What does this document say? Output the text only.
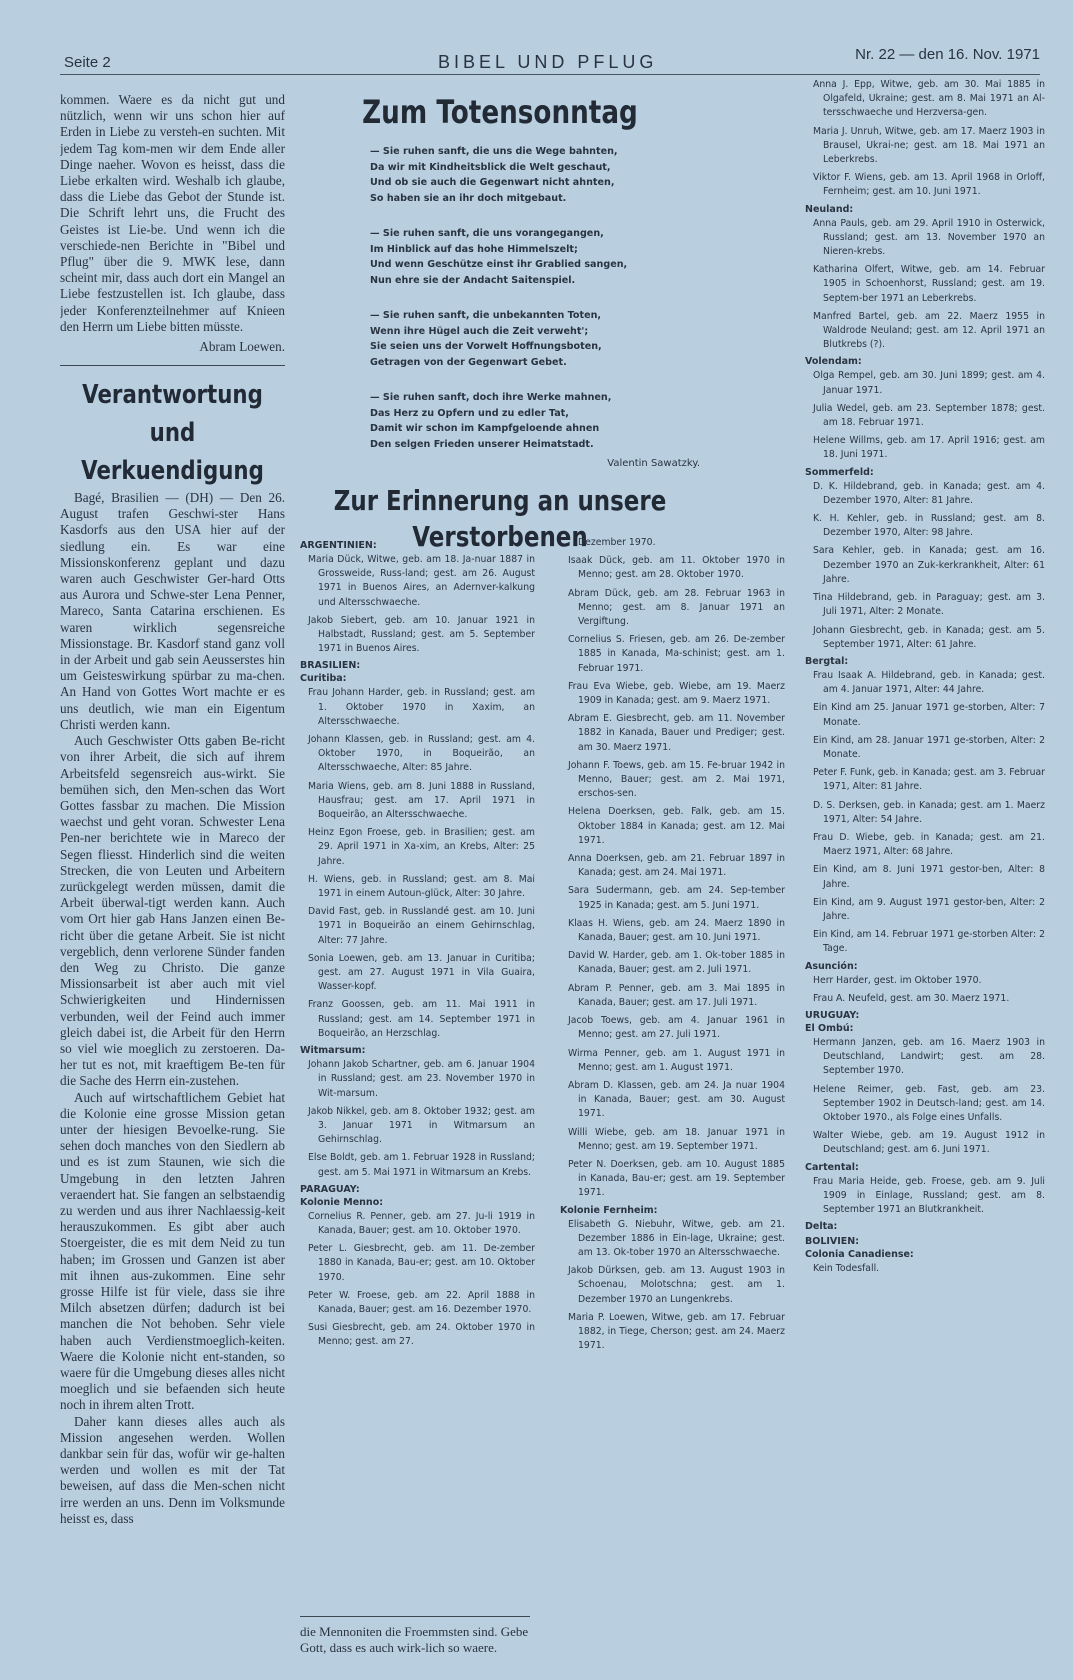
Seite 2	BIBEL UND PFLUG	Nr. 22 — den 16. Nov. 1971

kommen. Waere es da nicht gut und nützlich, wenn wir uns schon hier auf Erden in Liebe zu versteh-en suchten. Mit jedem Tag kom-men wir dem Ende aller Dinge naeher. Wovon es heisst, dass die Liebe erkalten wird. Weshalb ich glaube, dass die Liebe das Gebot der Stunde ist. Die Schrift lehrt uns, die Frucht des Geistes ist Lie-be. Und wenn ich die verschiede-nen Berichte in "Bibel und Pflug" über die 9. MWK lese, dann scheint mir, dass auch dort ein Mangel an Liebe festzustellen ist. Ich glaube, dass jeder Konferenzteilnehmer auf Knieen den Herrn um Liebe bitten müsste.

Abram Loewen.

Verantwortung und
Verkuendigung

Bagé, Brasilien — (DH) — Den 26. August trafen Geschwi-ster Hans Kasdorfs aus den USA hier auf der siedlung ein. Es war eine Missionskonferenz geplant und dazu waren auch Geschwister Ger-hard Otts aus Aurora und Schwe-ster Lena Penner, Mareco, Santa Catarina erschienen. Es waren wirklich segensreiche Missionstage. Br. Kasdorf stand ganz voll in der Arbeit und gab sein Aeusserstes hin um Geisteswirkung spürbar zu ma-chen. An Hand von Gottes Wort machte er es uns deutlich, wie man ein Eigentum Christi werden kann.

Auch Geschwister Otts gaben Be-richt von ihrer Arbeit, die sich auf ihrem Arbeitsfeld segensreich aus-wirkt. Sie bemühen sich, den Men-schen das Wort Gottes fassbar zu machen. Die Mission waechst und geht voran. Schwester Lena Pen-ner berichtete wie in Mareco der Segen fliesst. Hinderlich sind die weiten Strecken, die von Leuten und Arbeitern zurückgelegt werden müssen, damit die Arbeit überwal-tigt werden kann. Auch vom Ort hier gab Hans Janzen einen Be-richt über die getane Arbeit. Sie ist nicht vergeblich, denn verlorene Sünder fanden den Weg zu Christo. Die ganze Missionsarbeit ist aber auch mit viel Schwierigkeiten und Hindernissen verbunden, weil der Feind auch immer gleich dabei ist, die Arbeit für den Herrn so viel wie moeglich zu zerstoeren. Da-her tut es not, mit kraeftigem Be-ten für die Sache des Herrn ein-zustehen.

Auch auf wirtschaftlichem Gebiet hat die Kolonie eine grosse Mission getan unter der hiesigen Bevoelke-rung. Sie sehen doch manches von den Siedlern ab und es ist zum Staunen, wie sich die Umgebung in den letzten Jahren veraendert hat. Sie fangen an selbstaendig zu werden und aus ihrer Nachlaessig-keit herauszukommen. Es gibt aber auch Stoergeister, die es mit dem Neid zu tun haben; im Grossen und Ganzen ist aber mit ihnen aus-zukommen. Eine sehr grosse Hilfe ist für viele, dass sie ihre Milch absetzen dürfen; dadurch ist bei manchen die Not behoben. Sehr viele haben auch Verdienstmoeglich-keiten. Waere die Kolonie nicht ent-standen, so waere für die Umgebung dieses alles nicht moeglich und sie befaenden sich heute noch in ihrem alten Trott.

Daher kann dieses alles auch als Mission angesehen werden. Wollen dankbar sein für das, wofür wir ge-halten werden und wollen es mit der Tat beweisen, auf dass die Men-schen nicht irre werden an uns. Denn im Volksmunde heisst es, dass

Zum Totensonntag
— Sie ruhen sanft, die uns die Wege bahnten,
Da wir mit Kindheitsblick die Welt geschaut,
Und ob sie auch die Gegenwart nicht ahnten,
So haben sie an ihr doch mitgebaut.
— Sie ruhen sanft, die uns vorangegangen,
Im Hinblick auf das hohe Himmelszelt;
Und wenn Geschütze einst ihr Grablied sangen,
Nun ehre sie der Andacht Saitenspiel.
— Sie ruhen sanft, die unbekannten Toten,
Wenn ihre Hügel auch die Zeit verweht';
Sie seien uns der Vorwelt Hoffnungsboten,
Getragen von der Gegenwart Gebet.
— Sie ruhen sanft, doch ihre Werke mahnen,
Das Herz zu Opfern und zu edler Tat,
Damit wir schon im Kampfgeloende ahnen
Den selgen Frieden unserer Heimatstadt.
Valentin Sawatzky.
Zur Erinnerung an unsere Verstorbenen
ARGENTINIEN:
Maria Dück, Witwe, geb. am 18. Ja-nuar 1887 in Grossweide, Russ-land; gest. am 26. August 1971 in Buenos Aires, an Adernver-kalkung und Altersschwaeche.
Jakob Siebert, geb. am 10. Januar 1921 in Halbstadt, Russland; gest. am 5. September 1971 in Buenos Aires.
BRASILIEN:
Curitiba:
Frau Johann Harder, geb. in Russland; gest. am 1. Oktober 1970 in Xaxim, an Altersschwaeche.
Johann Klassen, geb. in Russland; gest. am 4. Oktober 1970, in Boqueirão, an Altersschwaeche, Alter: 85 Jahre.
Maria Wiens, geb. am 8. Juni 1888 in Russland, Hausfrau; gest. am 17. April 1971 in Boqueirão, an Altersschwaeche.
Heinz Egon Froese, geb. in Brasilien; gest. am 29. April 1971 in Xa-xim, an Krebs, Alter: 25 Jahre.
H. Wiens, geb. in Russland; gest. am 8. Mai 1971 in einem Autoun-glück, Alter: 30 Jahre.
David Fast, geb. in Russlandé gest. am 10. Juni 1971 in Boqueirão an einem Gehirnschlag, Alter: 77 Jahre.
Sonia Loewen, geb. am 13. Januar in Curitiba; gest. am 27. August 1971 in Vila Guaira, Wasser-kopf.
Franz Goossen, geb. am 11. Mai 1911 in Russland; gest. am 14. September 1971 in Boqueirão, an Herzschlag.
Witmarsum:
Johann Jakob Schartner, geb. am 6. Januar 1904 in Russland; gest. am 23. November 1970 in Wit-marsum.
Jakob Nikkel, geb. am 8. Oktober 1932; gest. am 3. Januar 1971 in Witmarsum an Gehirnschlag.
Else Boldt, geb. am 1. Februar 1928 in Russland; gest. am 5. Mai 1971 in Witmarsum an Krebs.
PARAGUAY:
Kolonie Menno:
Cornelius R. Penner, geb. am 27. Ju-li 1919 in Kanada, Bauer; gest. am 10. Oktober 1970.
Peter L. Giesbrecht, geb. am 11. De-zember 1880 in Kanada, Bau-er; gest. am 10. Oktober 1970.
Peter W. Froese, geb. am 22. April 1888 in Kanada, Bauer; gest. am 16. Dezember 1970.
Susi Giesbrecht, geb. am 24. Oktober 1970 in Menno; gest. am 27.
Dezember 1970.
Isaak Dück, geb. am 11. Oktober 1970 in Menno; gest. am 28. Oktober 1970.
Abram Dück, geb. am 28. Februar 1963 in Menno; gest. am 8. Januar 1971 an Vergiftung.
Cornelius S. Friesen, geb. am 26. De-zember 1885 in Kanada, Ma-schinist; gest. am 1. Februar 1971.
Frau Eva Wiebe, geb. Wiebe, am 19. Maerz 1909 in Kanada; gest. am 9. Maerz 1971.
Abram E. Giesbrecht, geb. am 11. November 1882 in Kanada, Bauer und Prediger; gest. am 30. Maerz 1971.
Johann F. Toews, geb. am 15. Fe-bruar 1942 in Menno, Bauer; gest. am 2. Mai 1971, erschos-sen.
Helena Doerksen, geb. Falk, geb. am 15. Oktober 1884 in Kanada; gest. am 12. Mai 1971.
Anna Doerksen, geb. am 21. Februar 1897 in Kanada; gest. am 24. Mai 1971.
Sara Sudermann, geb. am 24. Sep-tember 1925 in Kanada; gest. am 5. Juni 1971.
Klaas H. Wiens, geb. am 24. Maerz 1890 in Kanada, Bauer; gest. am 10. Juni 1971.
David W. Harder, geb. am 1. Ok-tober 1885 in Kanada, Bauer; gest. am 2. Juli 1971.
Abram P. Penner, geb. am 3. Mai 1895 in Kanada, Bauer; gest. am 17. Juli 1971.
Jacob Toews, geb. am 4. Januar 1961 in Menno; gest. am 27. Juli 1971.
Wirma Penner, geb. am 1. August 1971 in Menno; gest. am 1. August 1971.
Abram D. Klassen, geb. am 24. Ja nuar 1904 in Kanada, Bauer; gest. am 30. August 1971.
Willi Wiebe, geb. am 18. Januar 1971 in Menno; gest. am 19. September 1971.
Peter N. Doerksen, geb. am 10. August 1885 in Kanada, Bau-er; gest. am 19. September 1971.
Kolonie Fernheim:
Elisabeth G. Niebuhr, Witwe, geb. am 21. Dezember 1886 in Ein-lage, Ukraine; gest. am 13. Ok-tober 1970 an Altersschwaeche.
Jakob Dürksen, geb. am 13. August 1903 in Schoenau, Molotschna; gest. am 1. Dezember 1970 an Lungenkrebs.
Maria P. Loewen, Witwe, geb. am 17. Februar 1882, in Tiege, Cherson; gest. am 24. Maerz 1971.
Anna J. Epp, Witwe, geb. am 30. Mai 1885 in Olgafeld, Ukraine; gest. am 8. Mai 1971 an Al-tersschwaeche und Herzversa-gen.
Maria J. Unruh, Witwe, geb. am 17. Maerz 1903 in Brausel, Ukrai-ne; gest. am 18. Mai 1971 an Leberkrebs.
Viktor F. Wiens, geb. am 13. April 1968 in Orloff, Fernheim; gest. am 10. Juni 1971.
Neuland:
Anna Pauls, geb. am 29. April 1910 in Osterwick, Russland; gest. am 13. November 1970 an Nieren-krebs.
Katharina Olfert, Witwe, geb. am 14. Februar 1905 in Schoenhorst, Russland; gest. am 19. Septem-ber 1971 an Leberkrebs.
Manfred Bartel, geb. am 22. Maerz 1955 in Waldrode Neuland; gest. am 12. April 1971 an Blutkrebs (?).
Volendam:
Olga Rempel, geb. am 30. Juni 1899; gest. am 4. Januar 1971.
Julia Wedel, geb. am 23. September 1878; gest. am 18. Februar 1971.
Helene Willms, geb. am 17. April 1916; gest. am 18. Juni 1971.
Sommerfeld:
D. K. Hildebrand, geb. in Kanada; gest. am 4. Dezember 1970, Alter: 81 Jahre.
K. H. Kehler, geb. in Russland; gest. am 8. Dezember 1970, Alter: 98 Jahre.
Sara Kehler, geb. in Kanada; gest. am 16. Dezember 1970 an Zuk-kerkrankheit, Alter: 61 Jahre.
Tina Hildebrand, geb. in Paraguay; gest. am 3. Juli 1971, Alter: 2 Monate.
Johann Giesbrecht, geb. in Kanada; gest. am 5. September 1971, Alter: 61 Jahre.
Bergtal:
Frau Isaak A. Hildebrand, geb. in Kanada; gest. am 4. Januar 1971, Alter: 44 Jahre.
Ein Kind am 25. Januar 1971 ge-storben, Alter: 7 Monate.
Ein Kind, am 28. Januar 1971 ge-storben, Alter: 2 Monate.
Peter F. Funk, geb. in Kanada; gest. am 3. Februar 1971, Alter: 81 Jahre.
D. S. Derksen, geb. in Kanada; gest. am 1. Maerz 1971, Alter: 54 Jahre.
Frau D. Wiebe, geb. in Kanada; gest. am 21. Maerz 1971, Alter: 68 Jahre.
Ein Kind, am 8. Juni 1971 gestor-ben, Alter: 8 Jahre.
Ein Kind, am 9. August 1971 gestor-ben, Alter: 2 Jahre.
Ein Kind, am 14. Februar 1971 ge-storben Alter: 2 Tage.
Asunción:
Herr Harder, gest. im Oktober 1970.
Frau A. Neufeld, gest. am 30. Maerz 1971.
URUGUAY:
El Ombú:
Hermann Janzen, geb. am 16. Maerz 1903 in Deutschland, Landwirt; gest. am 28. September 1970.
Helene Reimer, geb. Fast, geb. am 23. September 1902 in Deutsch-land; gest. am 14. Oktober 1970., als Folge eines Unfalls.
Walter Wiebe, geb. am 19. August 1912 in Deutschland; gest. am 6. Juni 1971.
Cartental:
Frau Maria Heide, geb. Froese, geb. am 9. Juli 1909 in Einlage, Russland; gest. am 8. September 1971 an Blutkrankheit.
Delta:
BOLIVIEN:
Colonia Canadiense:
Kein Todesfall.

die Mennoniten die Froemmsten sind. Gebe Gott, dass es auch wirk-lich so waere.
